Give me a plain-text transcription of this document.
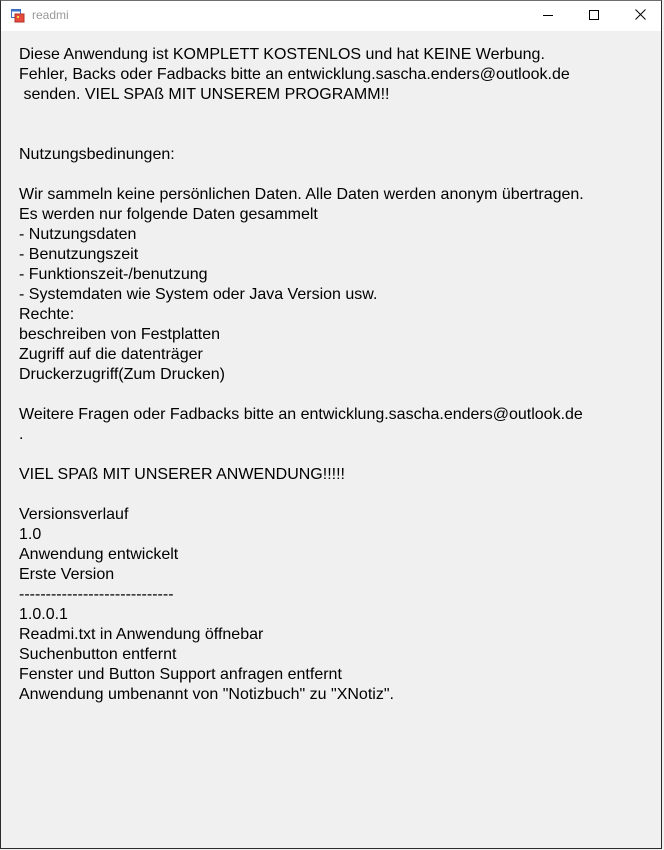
readmi
Diese Anwendung ist KOMPLETT KOSTENLOS und hat KEINE Werbung.
Fehler, Backs oder Fadbacks bitte an entwicklung.sascha.enders@outlook.de
senden. VIEL SPAß MIT UNSEREM PROGRAMM!!
Nutzungsbedinungen:
Wir sammeln keine persönlichen Daten. Alle Daten werden anonym übertragen.
Es werden nur folgende Daten gesammelt
- Nutzungsdaten
- Benutzungszeit
- Funktionszeit-/benutzung
- Systemdaten wie System oder Java Version usw.
Rechte:
beschreiben von Festplatten
Zugriff auf die datenträger
Druckerzugriff(Zum Drucken)
Weitere Fragen oder Fadbacks bitte an entwicklung.sascha.enders@outlook.de
.
VIEL SPAß MIT UNSERER ANWENDUNG!!!!!
Versionsverlauf
1.0
Anwendung entwickelt
Erste Version
-----------------------------
1.0.0.1
Readmi.txt in Anwendung öffnebar
Suchenbutton entfernt
Fenster und Button Support anfragen entfernt
Anwendung umbenannt von "Notizbuch" zu "XNotiz".
